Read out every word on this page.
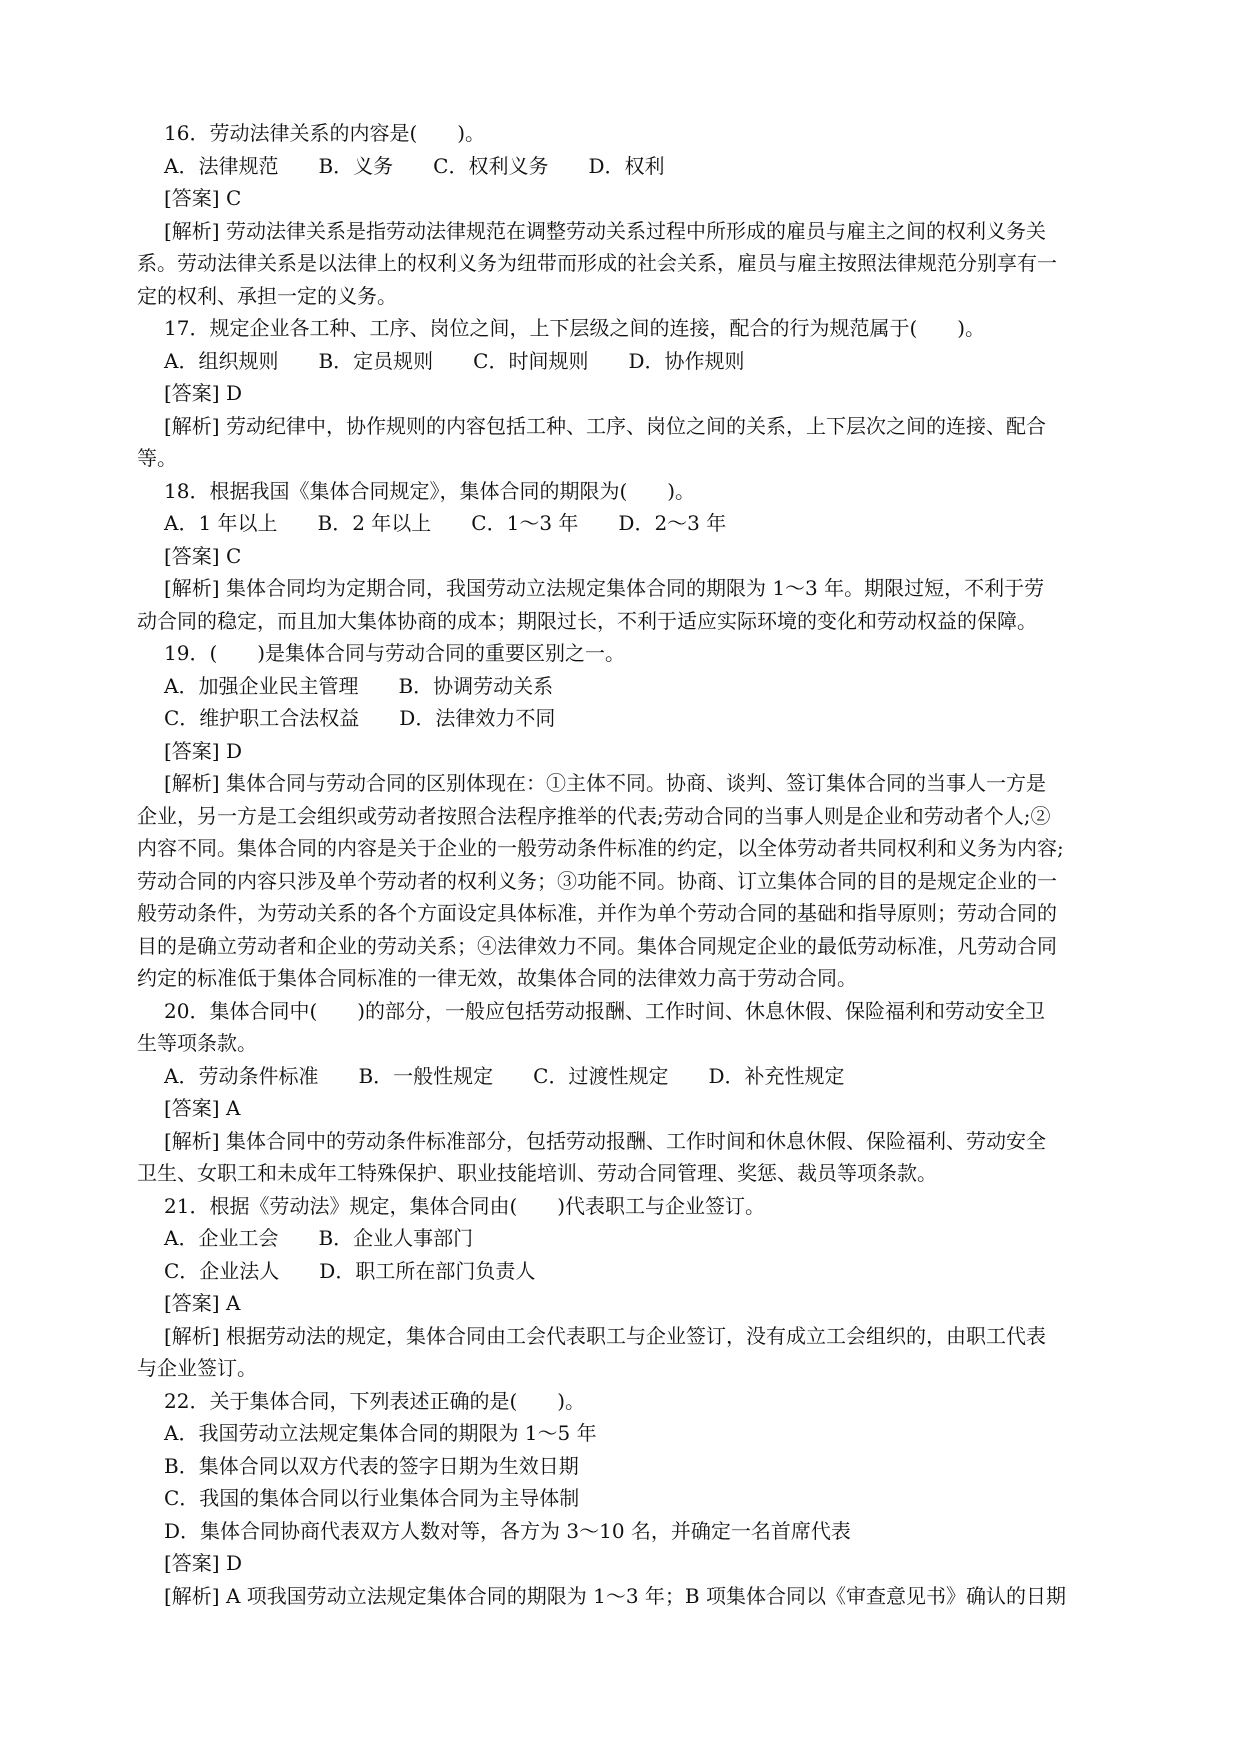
16．劳动法律关系的内容是(　　)。
A．法律规范　　B．义务　　C．权利义务　　D．权利
[答案] C
[解析] 劳动法律关系是指劳动法律规范在调整劳动关系过程中所形成的雇员与雇主之间的权利义务关
系。劳动法律关系是以法律上的权利义务为纽带而形成的社会关系，雇员与雇主按照法律规范分别享有一
定的权利、承担一定的义务。
17．规定企业各工种、工序、岗位之间，上下层级之间的连接，配合的行为规范属于(　　)。
A．组织规则　　B．定员规则　　C．时间规则　　D．协作规则
[答案] D
[解析] 劳动纪律中，协作规则的内容包括工种、工序、岗位之间的关系，上下层次之间的连接、配合
等。
18．根据我国《集体合同规定》，集体合同的期限为(　　)。
A．1 年以上　　B．2 年以上　　C．1～3 年　　D．2～3 年
[答案] C
[解析] 集体合同均为定期合同，我国劳动立法规定集体合同的期限为 1～3 年。期限过短，不利于劳
动合同的稳定，而且加大集体协商的成本；期限过长，不利于适应实际环境的变化和劳动权益的保障。
19．(　　)是集体合同与劳动合同的重要区别之一。
A．加强企业民主管理　　B．协调劳动关系
C．维护职工合法权益　　D．法律效力不同
[答案] D
[解析] 集体合同与劳动合同的区别体现在：①主体不同。协商、谈判、签订集体合同的当事人一方是
企业，另一方是工会组织或劳动者按照合法程序推举的代表;劳动合同的当事人则是企业和劳动者个人;②
内容不同。集体合同的内容是关于企业的一般劳动条件标准的约定，以全体劳动者共同权利和义务为内容;
劳动合同的内容只涉及单个劳动者的权利义务；③功能不同。协商、订立集体合同的目的是规定企业的一
般劳动条件，为劳动关系的各个方面设定具体标准，并作为单个劳动合同的基础和指导原则；劳动合同的
目的是确立劳动者和企业的劳动关系；④法律效力不同。集体合同规定企业的最低劳动标准，凡劳动合同
约定的标准低于集体合同标准的一律无效，故集体合同的法律效力高于劳动合同。
20．集体合同中(　　)的部分，一般应包括劳动报酬、工作时间、休息休假、保险福利和劳动安全卫
生等项条款。
A．劳动条件标准　　B．一般性规定　　C．过渡性规定　　D．补充性规定
[答案] A
[解析] 集体合同中的劳动条件标准部分，包括劳动报酬、工作时间和休息休假、保险福利、劳动安全
卫生、女职工和未成年工特殊保护、职业技能培训、劳动合同管理、奖惩、裁员等项条款。
21．根据《劳动法》规定，集体合同由(　　)代表职工与企业签订。
A．企业工会　　B．企业人事部门
C．企业法人　　D．职工所在部门负责人
[答案] A
[解析] 根据劳动法的规定，集体合同由工会代表职工与企业签订，没有成立工会组织的，由职工代表
与企业签订。
22．关于集体合同，下列表述正确的是(　　)。
A．我国劳动立法规定集体合同的期限为 1～5 年
B．集体合同以双方代表的签字日期为生效日期
C．我国的集体合同以行业集体合同为主导体制
D．集体合同协商代表双方人数对等，各方为 3～10 名，并确定一名首席代表
[答案] D
[解析] A 项我国劳动立法规定集体合同的期限为 1～3 年；B 项集体合同以《审查意见书》确认的日期
